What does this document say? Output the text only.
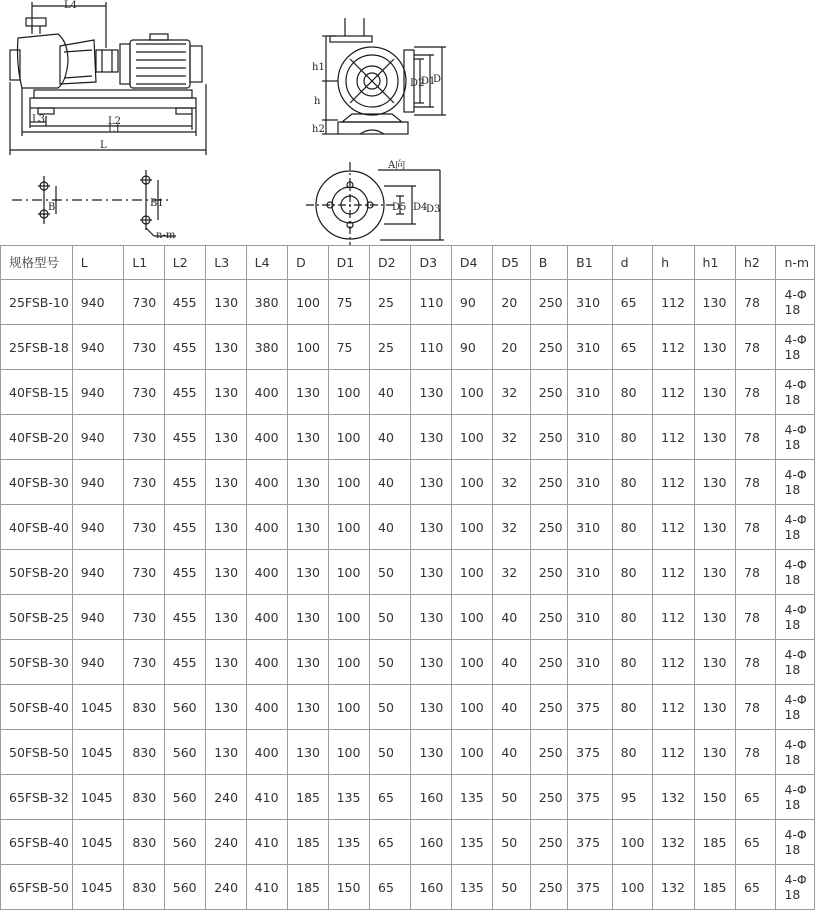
L4
L3	L2
L1
L
h1
h
h2
D2
D1
D
B	B1
n-m
A向
D5 D4
D3
规格型号	L	L1	L2	L3	L4	D	D1	D2	D3	D4	D5	B	B1	d	h	h1	h2	n-m
25FSB-10	940	730	455	130	380	100	75	25	110	90	20	250	310	65	112	130	78	4-Φ18
25FSB-18	940	730	455	130	380	100	75	25	110	90	20	250	310	65	112	130	78	4-Φ18
40FSB-15	940	730	455	130	400	130	100	40	130	100	32	250	310	80	112	130	78	4-Φ18
40FSB-20	940	730	455	130	400	130	100	40	130	100	32	250	310	80	112	130	78	4-Φ18
40FSB-30	940	730	455	130	400	130	100	40	130	100	32	250	310	80	112	130	78	4-Φ18
40FSB-40	940	730	455	130	400	130	100	40	130	100	32	250	310	80	112	130	78	4-Φ18
50FSB-20	940	730	455	130	400	130	100	50	130	100	32	250	310	80	112	130	78	4-Φ18
50FSB-25	940	730	455	130	400	130	100	50	130	100	40	250	310	80	112	130	78	4-Φ18
50FSB-30	940	730	455	130	400	130	100	50	130	100	40	250	310	80	112	130	78	4-Φ18
50FSB-40	1045	830	560	130	400	130	100	50	130	100	40	250	375	80	112	130	78	4-Φ18
50FSB-50	1045	830	560	130	400	130	100	50	130	100	40	250	375	80	112	130	78	4-Φ18
65FSB-32	1045	830	560	240	410	185	135	65	160	135	50	250	375	95	132	150	65	4-Φ18
65FSB-40	1045	830	560	240	410	185	135	65	160	135	50	250	375	100	132	185	65	4-Φ18
65FSB-50	1045	830	560	240	410	185	150	65	160	135	50	250	375	100	132	185	65	4-Φ18
